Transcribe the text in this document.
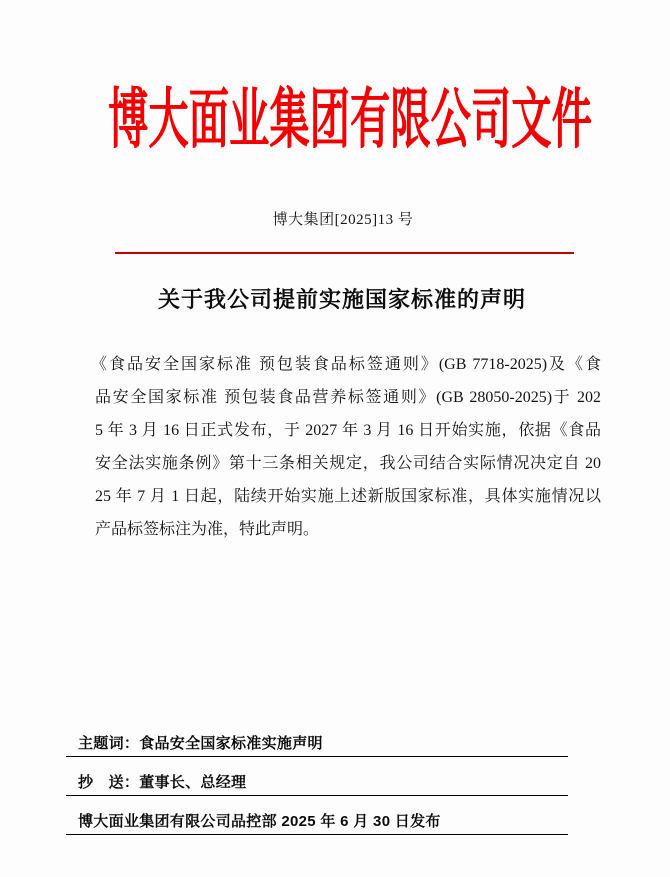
博大面业集团有限公司文件
博大集团[2025]13 号
关于我公司提前实施国家标准的声明
《食品安全国家标准 预包装食品标签通则》(GB 7718-2025)及《食
品安全国家标准 预包装食品营养标签通则》(GB 28050-2025)于 202
5 年 3 月 16 日正式发布，于 2027 年 3 月 16 日开始实施，依据《食品
安全法实施条例》第十三条相关规定，我公司结合实际情况决定自 20
25 年 7 月 1 日起，陆续开始实施上述新版国家标准，具体实施情况以
产品标签标注为准，特此声明。
主题词：食品安全国家标准实施声明
抄　送：董事长、总经理
博大面业集团有限公司品控部 2025 年 6 月 30 日发布
